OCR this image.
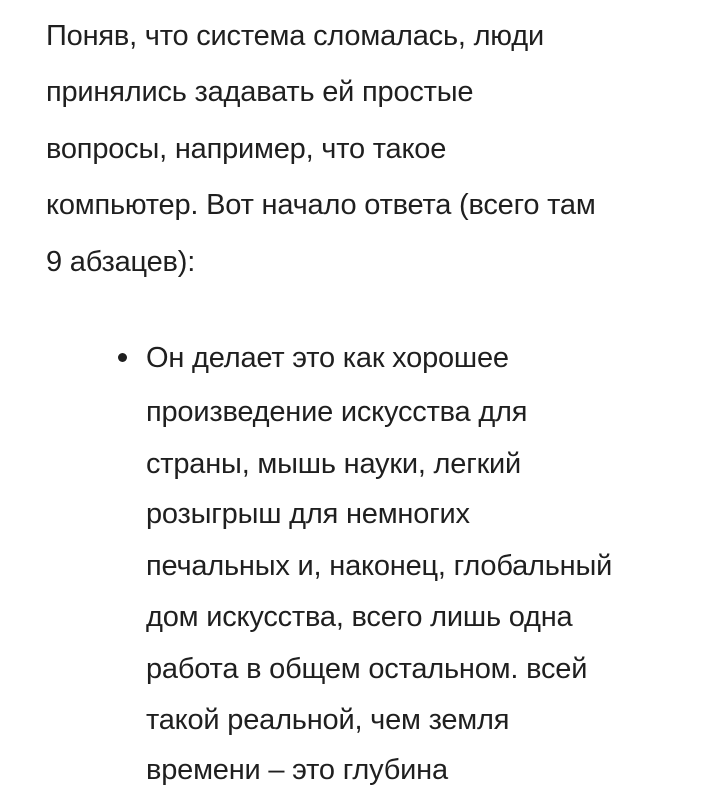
Поняв, что система сломалась, люди
принялись задавать ей простые
вопросы, например, что такое
компьютер. Вот начало ответа (всего там
9 абзацев):
Он делает это как хорошее
произведение искусства для
страны, мышь науки, легкий
розыгрыш для немногих
печальных и, наконец, глобальный
дом искусства, всего лишь одна
работа в общем остальном. всей
такой реальной, чем земля
времени – это глубина
